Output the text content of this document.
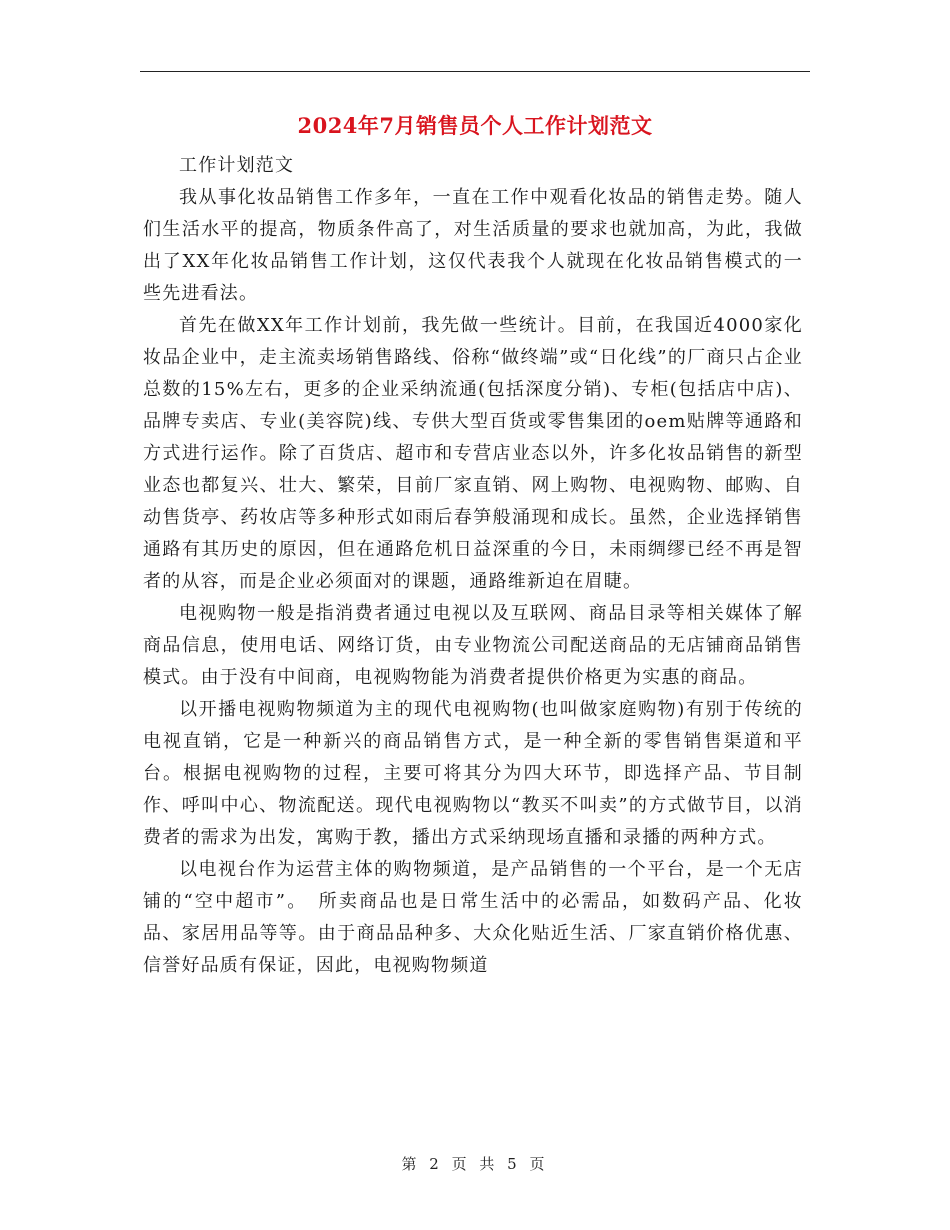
2024年7月销售员个人工作计划范文

工作计划范文

我从事化妆品销售工作多年，一直在工作中观看化妆品的销售走势。随人们生活水平的提高，物质条件高了，对生活质量的要求也就加高，为此，我做出了XX年化妆品销售工作计划，这仅代表我个人就现在化妆品销售模式的一些先进看法。

首先在做XX年工作计划前，我先做一些统计。目前，在我国近4000家化妆品企业中，走主流卖场销售路线、俗称“做终端”或“日化线”的厂商只占企业总数的15%左右，更多的企业采纳流通(包括深度分销)、专柜(包括店中店)、品牌专卖店、专业(美容院)线、专供大型百货或零售集团的oem贴牌等通路和方式进行运作。除了百货店、超市和专营店业态以外，许多化妆品销售的新型业态也都复兴、壮大、繁荣，目前厂家直销、网上购物、电视购物、邮购、自动售货亭、药妆店等多种形式如雨后春笋般涌现和成长。虽然，企业选择销售通路有其历史的原因，但在通路危机日益深重的今日，未雨绸缪已经不再是智者的从容，而是企业必须面对的课题，通路维新迫在眉睫。

电视购物一般是指消费者通过电视以及互联网、商品目录等相关媒体了解商品信息，使用电话、网络订货，由专业物流公司配送商品的无店铺商品销售模式。由于没有中间商，电视购物能为消费者提供价格更为实惠的商品。

以开播电视购物频道为主的现代电视购物(也叫做家庭购物)有别于传统的电视直销，它是一种新兴的商品销售方式，是一种全新的零售销售渠道和平台。根据电视购物的过程，主要可将其分为四大环节，即选择产品、节目制作、呼叫中心、物流配送。现代电视购物以“教买不叫卖”的方式做节目，以消费者的需求为出发，寓购于教，播出方式采纳现场直播和录播的两种方式。

以电视台作为运营主体的购物频道，是产品销售的一个平台，是一个无店铺的“空中超市”。　所卖商品也是日常生活中的必需品，如数码产品、化妆品、家居用品等等。由于商品品种多、大众化贴近生活、厂家直销价格优惠、信誉好品质有保证，因此，电视购物频道

第 2 页 共 5 页
